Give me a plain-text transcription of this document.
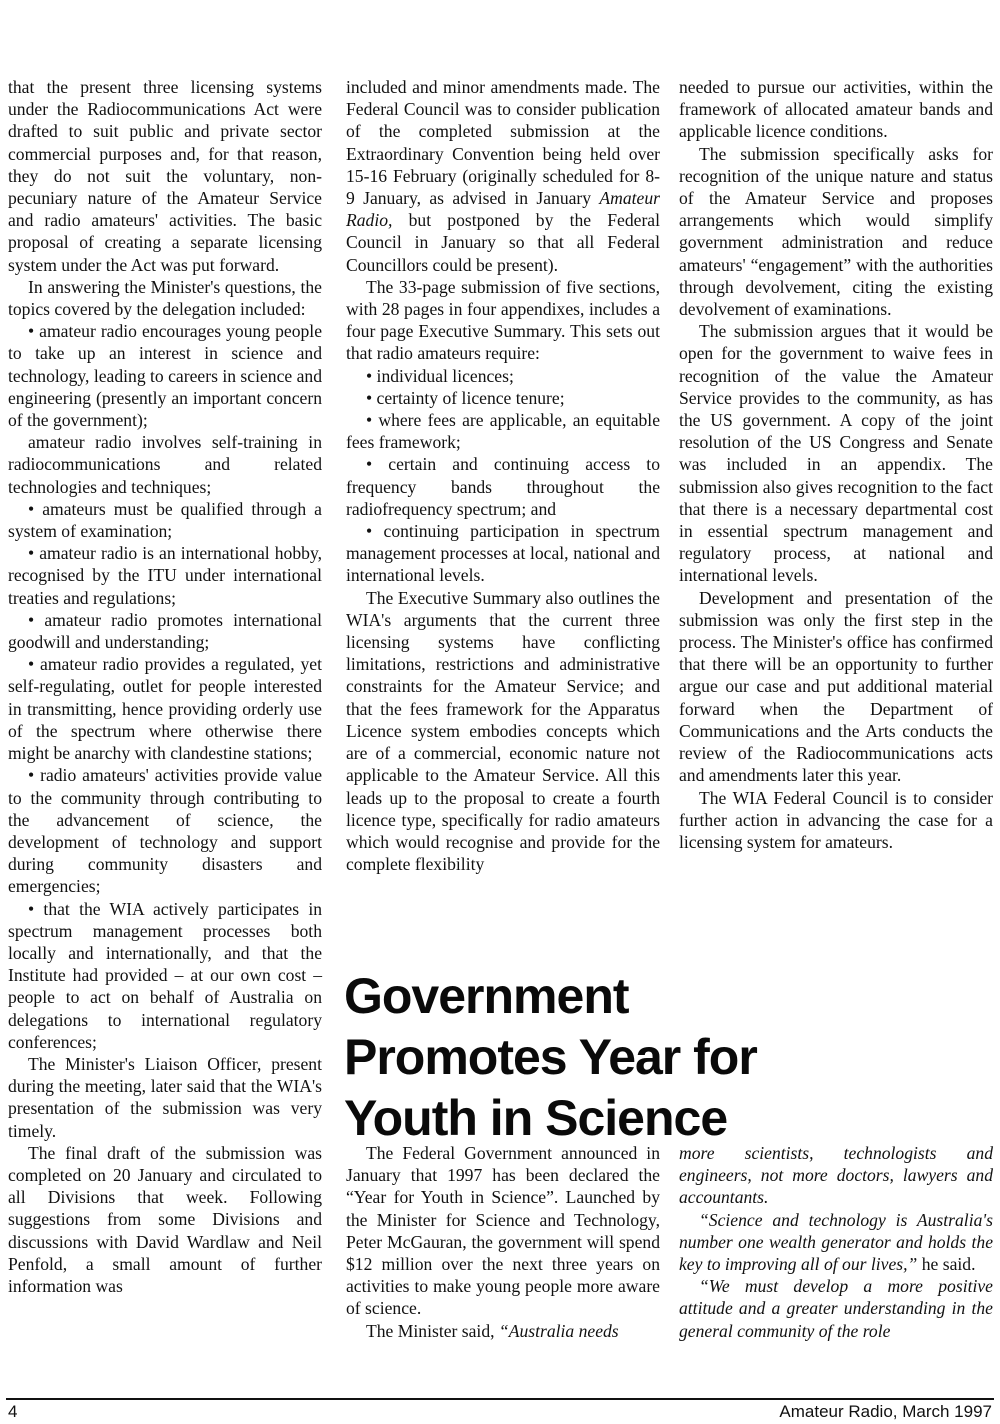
that the present three licensing systems under the Radiocommunications Act were drafted to suit public and private sector commercial purposes and, for that reason, they do not suit the voluntary, non-pecuniary nature of the Amateur Service and radio amateurs' activities. The basic proposal of creating a separate licensing system under the Act was put forward.

In answering the Minister's questions, the topics covered by the delegation included:

• amateur radio encourages young people to take up an interest in science and technology, leading to careers in science and engineering (presently an important concern of the government);

amateur radio involves self-training in radiocommunications and related technologies and techniques;

• amateurs must be qualified through a system of examination;

• amateur radio is an international hobby, recognised by the ITU under international treaties and regulations;

• amateur radio promotes international goodwill and understanding;

• amateur radio provides a regulated, yet self-regulating, outlet for people interested in transmitting, hence providing orderly use of the spectrum where otherwise there might be anarchy with clandestine stations;

• radio amateurs' activities provide value to the community through contributing to the advancement of science, the development of technology and support during community disasters and emergencies;

• that the WIA actively participates in spectrum management processes both locally and internationally, and that the Institute had provided – at our own cost – people to act on behalf of Australia on delegations to international regulatory conferences;

The Minister's Liaison Officer, present during the meeting, later said that the WIA's presentation of the submission was very timely.

The final draft of the submission was completed on 20 January and circulated to all Divisions that week. Following suggestions from some Divisions and discussions with David Wardlaw and Neil Penfold, a small amount of further information was

included and minor amendments made. The Federal Council was to consider publication of the completed submission at the Extraordinary Convention being held over 15-16 February (originally scheduled for 8-9 January, as advised in January Amateur Radio, but postponed by the Federal Council in January so that all Federal Councillors could be present).

The 33-page submission of five sections, with 28 pages in four appendixes, includes a four page Executive Summary. This sets out that radio amateurs require:

• individual licences;

• certainty of licence tenure;

• where fees are applicable, an equitable fees framework;

• certain and continuing access to frequency bands throughout the radiofrequency spectrum; and

• continuing participation in spectrum management processes at local, national and international levels.

The Executive Summary also outlines the WIA's arguments that the current three licensing systems have conflicting limitations, restrictions and administrative constraints for the Amateur Service; and that the fees framework for the Apparatus Licence system embodies concepts which are of a commercial, economic nature not applicable to the Amateur Service. All this leads up to the proposal to create a fourth licence type, specifically for radio amateurs which would recognise and provide for the complete flexibility

needed to pursue our activities, within the framework of allocated amateur bands and applicable licence conditions.

The submission specifically asks for recognition of the unique nature and status of the Amateur Service and proposes arrangements which would simplify government administration and reduce amateurs' “engagement” with the authorities through devolvement, citing the existing devolvement of examinations.

The submission argues that it would be open for the government to waive fees in recognition of the value the Amateur Service provides to the community, as has the US government. A copy of the joint resolution of the US Congress and Senate was included in an appendix. The submission also gives recognition to the fact that there is a necessary departmental cost in essential spectrum management and regulatory process, at national and international levels.

Development and presentation of the submission was only the first step in the process. The Minister's office has confirmed that there will be an opportunity to further argue our case and put additional material forward when the Department of Communications and the Arts conducts the review of the Radiocommunications acts and amendments later this year.

The WIA Federal Council is to consider further action in advancing the case for a licensing system for amateurs.

Government
Promotes Year for
Youth in Science

The Federal Government announced in January that 1997 has been declared the “Year for Youth in Science”. Launched by the Minister for Science and Technology, Peter McGauran, the government will spend $12 million over the next three years on activities to make young people more aware of science.

The Minister said, “Australia needs

more scientists, technologists and engineers, not more doctors, lawyers and accountants.

“Science and technology is Australia's number one wealth generator and holds the key to improving all of our lives,” he said.

“We must develop a more positive attitude and a greater understanding in the general community of the role

4	Amateur Radio, March 1997
